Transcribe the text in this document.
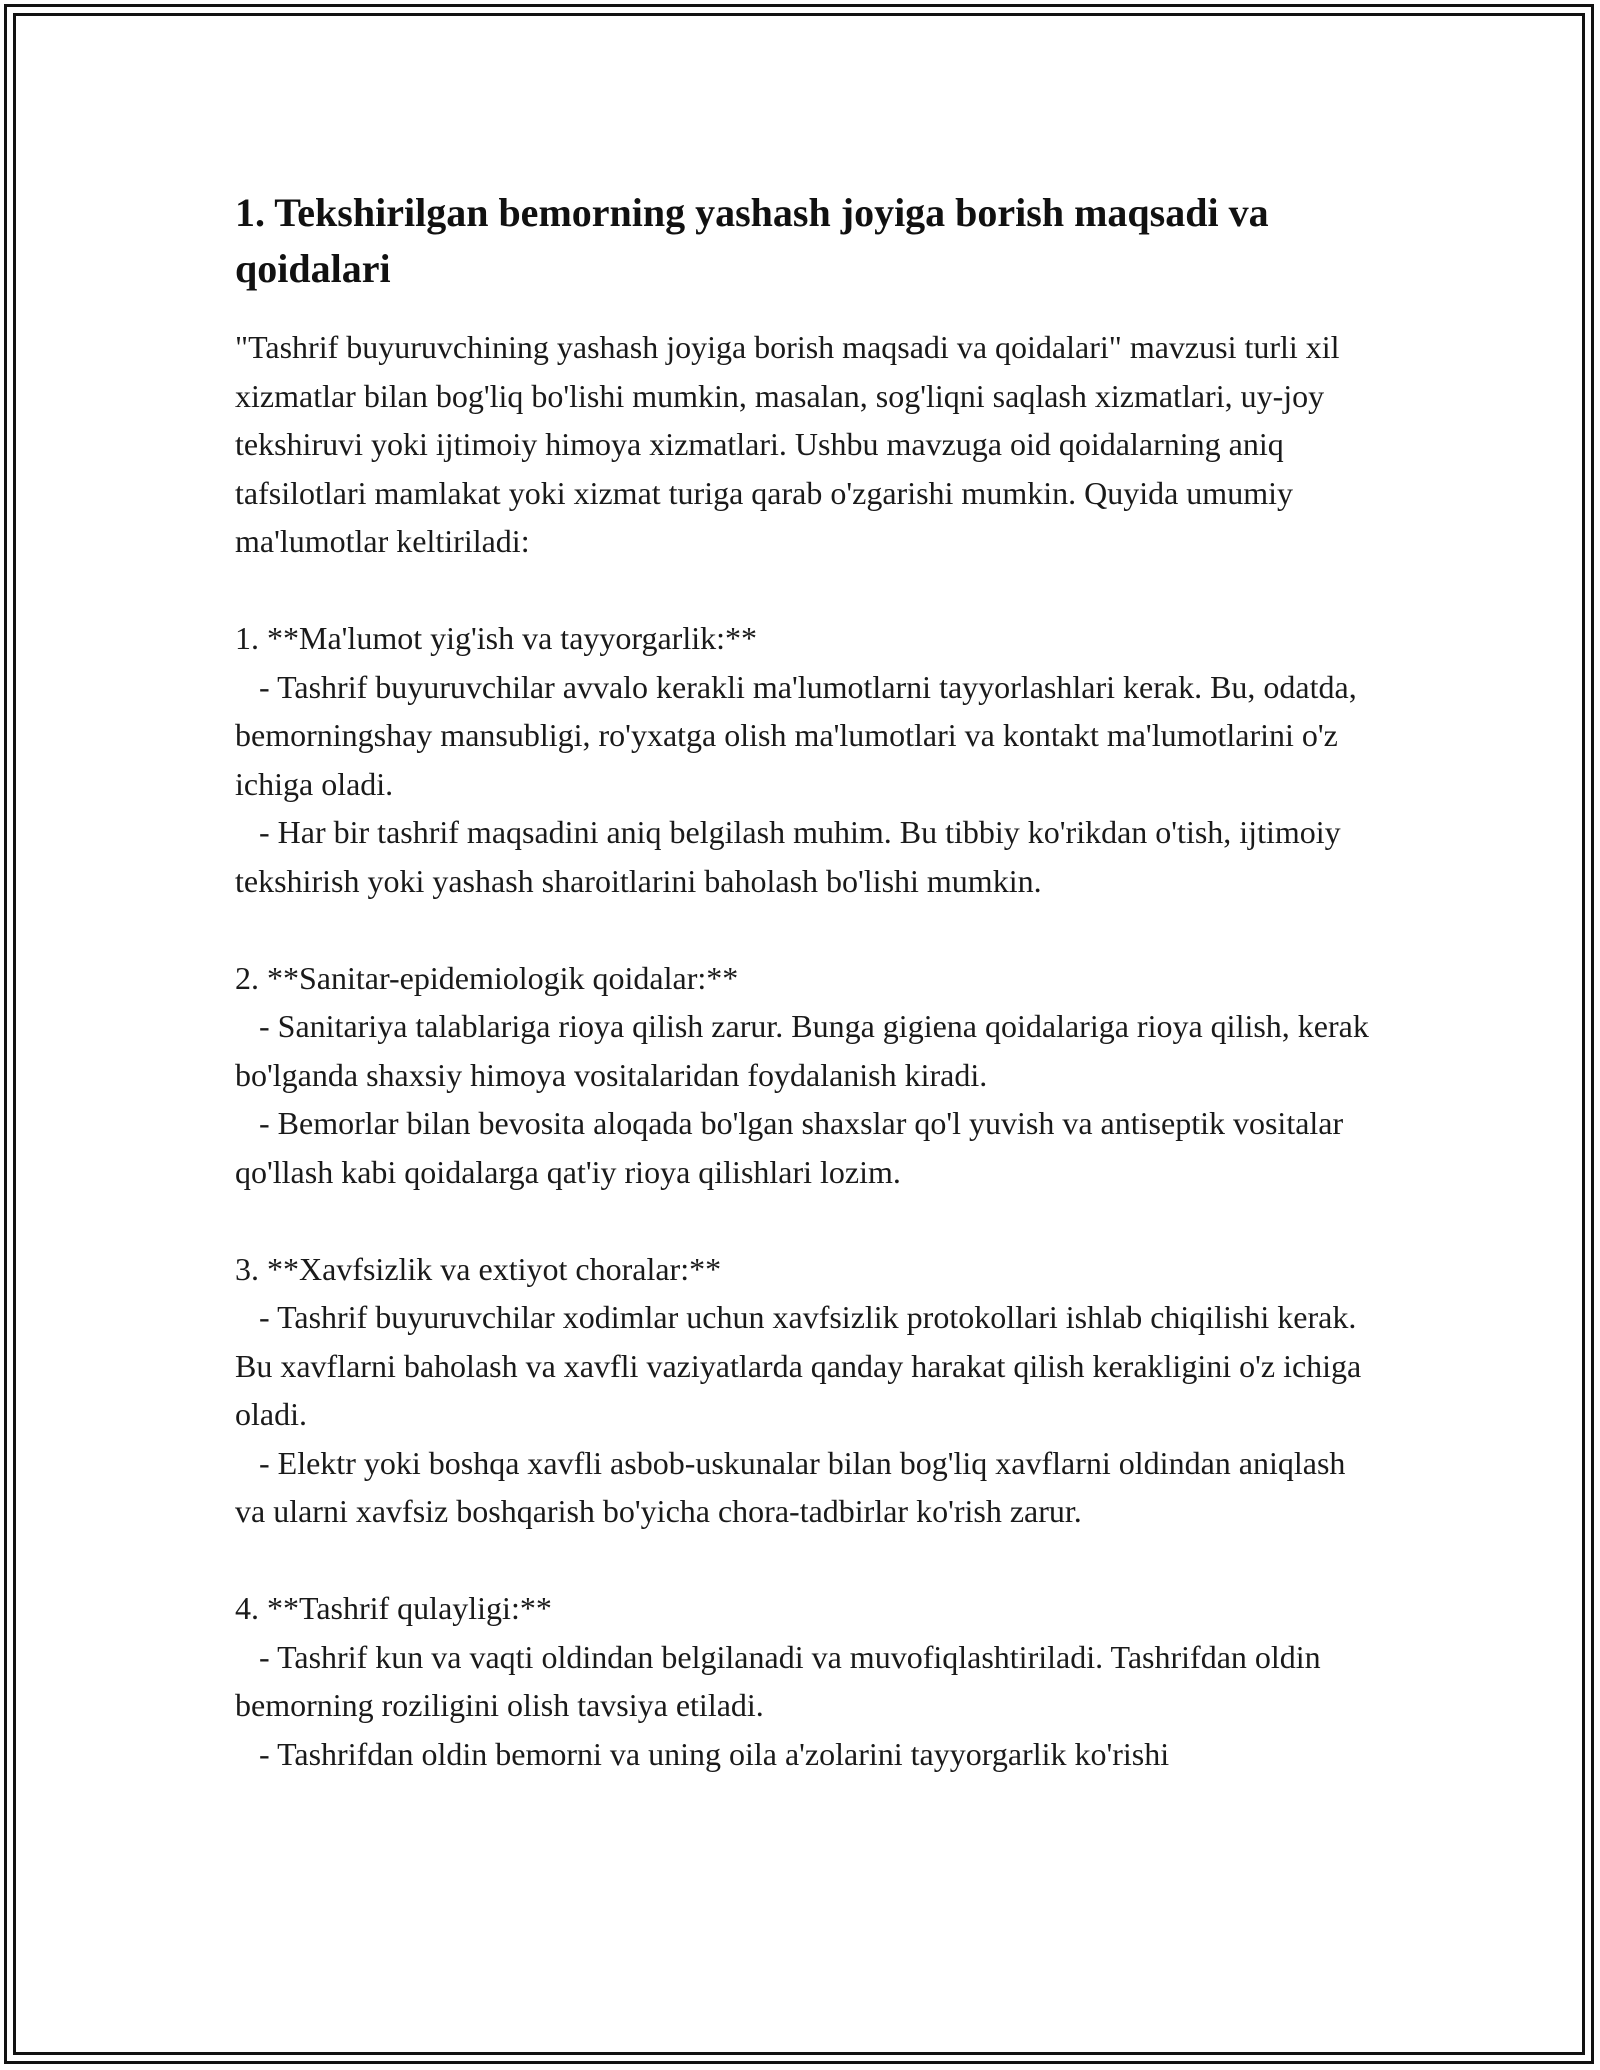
1. Tekshirilgan bemorning yashash joyiga borish maqsadi va qoidalari

"Tashrif buyuruvchining yashash joyiga borish maqsadi va qoidalari" mavzusi turli xil xizmatlar bilan bog'liq bo'lishi mumkin, masalan, sog'liqni saqlash xizmatlari, uy-joy tekshiruvi yoki ijtimoiy himoya xizmatlari. Ushbu mavzuga oid qoidalarning aniq tafsilotlari mamlakat yoki xizmat turiga qarab o'zgarishi mumkin. Quyida umumiy ma'lumotlar keltiriladi:

1. **Ma'lumot yig'ish va tayyorgarlik:**

- Tashrif buyuruvchilar avvalo kerakli ma'lumotlarni tayyorlashlari kerak. Bu, odatda, bemorningshay mansubligi, ro'yxatga olish ma'lumotlari va kontakt ma'lumotlarini o'z ichiga oladi.

- Har bir tashrif maqsadini aniq belgilash muhim. Bu tibbiy ko'rikdan o'tish, ijtimoiy tekshirish yoki yashash sharoitlarini baholash bo'lishi mumkin.

2. **Sanitar-epidemiologik qoidalar:**

- Sanitariya talablariga rioya qilish zarur. Bunga gigiena qoidalariga rioya qilish, kerak bo'lganda shaxsiy himoya vositalaridan foydalanish kiradi.

- Bemorlar bilan bevosita aloqada bo'lgan shaxslar qo'l yuvish va antiseptik vositalar qo'llash kabi qoidalarga qat'iy rioya qilishlari lozim.

3. **Xavfsizlik va extiyot choralar:**

- Tashrif buyuruvchilar xodimlar uchun xavfsizlik protokollari ishlab chiqilishi kerak. Bu xavflarni baholash va xavfli vaziyatlarda qanday harakat qilish kerakligini o'z ichiga oladi.

- Elektr yoki boshqa xavfli asbob-uskunalar bilan bog'liq xavflarni oldindan aniqlash va ularni xavfsiz boshqarish bo'yicha chora-tadbirlar ko'rish zarur.

4. **Tashrif qulayligi:**

- Tashrif kun va vaqti oldindan belgilanadi va muvofiqlashtiriladi. Tashrifdan oldin bemorning roziligini olish tavsiya etiladi.

- Tashrifdan oldin bemorni va uning oila a'zolarini tayyorgarlik ko'rishi
